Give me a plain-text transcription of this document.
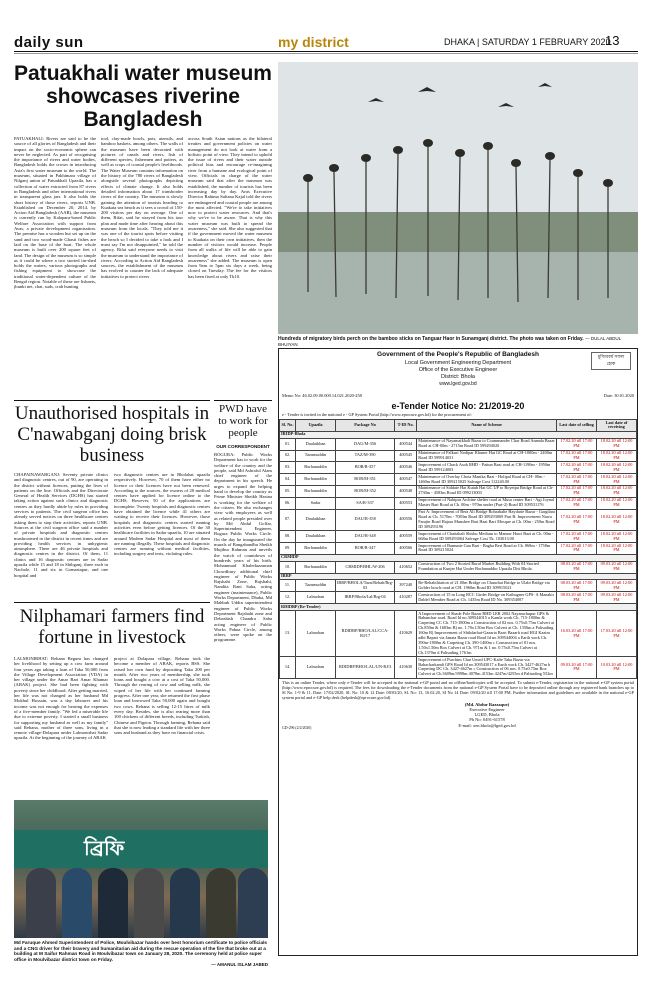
daily sun	my district	DHAKA | SATURDAY 1 FEBRUARY 2020
13
Patuakhali water museum showcases riverine Bangladesh

PATUAKHALI: Rivers are said to be the source of all glories of Bangladesh and their impact on the socio-economic sphere can never be neglected. As part of recognising the importance of rivers and water bodies, Bangladesh holds the crown in introducing Asia's first water museum to the world. The museum, situated in Pakhimara village of Nilganj union of Patuakhali Upazila, has a collection of water extracted from 87 rivers in Bangladesh and other international rivers in transparent glass jars. It also holds the short history of those rivers, reports UNB. Established on December 20, 2014, by Action Aid Bangladesh (AAB), the museum is currently run by Kalapara-based Public Welfare Association with support from Avas, a private development organisation. The premise has a wooden hut set up on the sand and two wood-made Ghasit fishes are laid on the base of the boat. The whole museum is built over 200 square feet of land. The design of the museum is so simple as it could be where a two storied tin-shed holds the waters, various photographs and fishing equipment to showcase the traditional water-dependent culture of the Bengal region. Notable of these are fishnets, jhunki net, chai, suds, crab hunting

tool, clay-made bowls, pots, utensils, and bamboo baskets, among others. The walls of the museum have been decorated with pictures of canals and rivers, fish of different species, fishermen and potters, as well as crops of coastal people's livelihoods. The Water Museum contains information on the history of the 780 rivers of Bangladesh alongside several photographs depicting effects of climate change. It also holds detailed information about 17 transborder rivers of the country. The museum is slowly gaining the attention of tourists heading to Kuakata sea beach as it sees a crowd of 150-200 visitors per day on average. One of them, Rifat, said he strayed from his tour plan and made time after hearing about this museum from the locals. "They told me it was one of the tourist spots before visiting the beach so I decided to take a look and I must say I'm not disappointed," he told the agency. Rifat said everyone needs to visit the museum to understand the importance of rivers. According to Action Aid Bangladesh sources, the establishment of the museum has evolved to counter the lack of adequate initiatives to protect rivers

across South Asian nations as the bilateral treaties and government policies on water management do not look at water from a holistic point of view. They intend to uphold the issue of rivers and their water outside political bias and encourage re-imagining river from a humane and ecological point of view. Officials in charge of the water museum said that after the museum was established, the number of tourists has been increasing day by day. Avas Executive Director Rahima Sultana Kajal told the rivers are endangered and coastal people are among the most affected. "We're to take initiatives now to protect water resources. And that's why we've to be aware. That is why this water museum was built to spread the awareness," she said. She also suggested that if the government moved the water museum to Kuakata on their own initiatives, then the number of visitors would increase. People from all walks of life will be able to gain knowledge about rivers and raise their awareness" she added. The museum is open from 9am to 5pm six days a week, being closed on Tuesday. The fee for the visitors has been fixed at only Tk10.

Hundreds of migratory birds perch on the bamboo sticks on Tanguar Haor in Sunamganj district. The photo was taken on Friday. — DULAL ABDUL BHUIYAN
Unauthorised hospitals in C'nawabganj doing brisk business

CHAPAINAWABGANJ: Seventy private clinics and diagnostic centres, out of 90, are operating in the district without licences, putting the lives of patients on the line. Officials and the Directorate General of Health Services (DGHS) has started taking action against such clinics and diagnostic centres as they hardly abide by rules in providing services to patients. The civil surgeon office has already served notices on three healthcare centres asking them to stop their activities, reports UNB. Sources at the civil surgeon office said a number of private hospitals and diagnostic centres mushroomed in the district in recent times and are providing health services in unhygienic atmosphere. There are 46 private hospitals and diagnostic centres in the district. Of them, 11 clinics and 16 diagnostic centres are in Sadar upazila while 15 and 18 in Shibganj, three each in Nachole, 11 and six in Gomastapur, and one hospital and

two diagnostic centres are in Bholahat upazila respectively. However, 70 of them have either no licence or their licences have not been renewed. According to the sources, the owners of 20 medical centres have applied for licence online to the DGHS. However, 50 of the applications are incomplete. Twenty hospitals and diagnostic centres have obtained the licence while 41 others are waiting to receive their licences. However, those hospitals and diagnostic centres started running activities even before getting licences. Of the 30 healthcare facilities in Sadar upazila, 10 are situated around Modern Sadar Hospital and most of them are running illegally. These hospitals and diagnostic centres are running without medical facilities, including surgery and tests, violating rules.

PWD have to work for people
OUR CORRESPONDENT

BOGURA: Public Works Department has to work for the welfare of the country and the people, said Md Ashraful Alam chief engineer of the department in his speech. He urges to expand the helping hand to develop the country as Prime Minister Sheikh Hasina is working for the welfare of the citizen. He also exchanges view with employees as well as related people presided over by Md Abdul Goffar, Superintendent Engineer, Bogura Public Works Circle. On the day he inaugurated the murals of Bangabandhu Sheikh Mujibur Rahman and unveils the watch of countdown of hundreds years of his birth. Mohammad Khaleduzzaman Chowdhury additional chief engineer of Public Works Rajshahi Zone, Rajshahi, Nandita Rani Saha, acting engineer (maintenance), Public Works Department, Dhaka, Md Mahbub Uddin superintendent engineer of Public Works Department Rajshahi zone and Debashish Chandra Saha acting engineer of Public Works Pabna Circle, among others, were spoke on the programme.

Nilphamari farmers find fortune in livestock

LALMONIRHAT: Rehana Begum has changed her livelihood by setting up a cow farm around four years ago taking a loan of Taka 50,000 from the Village Development Association (VDA) in her village under the Amar Bari Amar Khamar (ABAK) project. She had been fighting with poverty since her childhood. After getting married, her life was not changed as her husband Md Mokhul Hossain, was a day labourer and his income was not enough for bearing the expenses of a five-member family. "We led a miserable life due to extreme poverty. I started a small business for supporting my husband as well as my family" said Rehana, mother of three sons, living in a remote village-Dolapara under Lalmonirhat Sadar upazila. At the beginning of the journey of ABAK

project at Dolapara village, Rehana took the become a member of ABAK, reports BSS. She raised her own fund by depositing Taka 200 per month. After two years of membership, she took loans and bought a cow at a cost of Taka 50,000. Through the rearing of cow and selling milk, she wiped of her life with her continued farming progress. After one year, she returned the first phase loan and borrowed Taka 50,000 again and bought two cows. Rehana is selling 12-15 litres of milk every day. Besides, she is also rearing more than 100 chickens of different breeds, including Turkish, Chinese and Pigeon. Through farming, Rehana said that she is now leading a standard life with her three sons and husband as they have no financial crisis.

ব্রিফি
Md Faruque Ahmed Superintendent of Police, Moulvibazar hands over best honorium certificate to police officials and a CNG driver for their bravery and humanitarian aid during the rescue operation of the fire that broke out at a building at M Saifur Rahman Road in Moulvibazar town on January 28, 2020. The ceremony held at police super office in Moulvibazar district town on Friday.
— AMANUL ISLAM JABED
Government of the People's Republic of Bangladesh
Local Government Engineering Department
Office of the Executive Engineer
District: Bhola
www.lged.gov.bd
মুজিববর্ষ সফল হোক
Memo No: 46.02.09.00.000.14.021.2020-258	Date: 30.01.2020
e-Tender Notice No: 21/2019-20
e - Tender is invited in the national e - GP System Portal (http://www.eprocure.gov.bd) for the procurement of:
Sl. No.	Upazila	Package No	T-ID No.	Name of Scheme	Last date of selling	Last date of receiving
IRIDP-Bhola						
01.	Daulatkhan	DAU/M-356	400544	Maintenance of Nayamatkhali Bazar to Coammander Char Road Ananda Bazar Road at CH-00m - 2715m Road ID 599294020	17.02.20 till 17:00 PM	18.02.20 till 12:00 PM
02.	Tazumuddin	TAZ/M-390	400545	Maintenance of Falkuri Nodipar Khuner Hat GC Road at CH-1000m - 2400m Road ID 599914031	17.02.20 till 17:00 PM	18.02.20 till 12:00 PM
03.	Borhanuddin	BOR/R-357	400546	Improvement of Chack Asok RHD - Paitun Bazi road at CH-1190m - 1950m Road ID 599124003	17.02.20 till 17:00 PM	18.02.20 till 12:00 PM
04.	Borhanuddin	BOR/M-351	400547	Maintenance of Overlay Chota Manika Bazi - Holipal Road at CH- 00m - 1460m Road ID 309215025 Salvage Cost 112240.00	17.02.20 till 17:00 PM	18.02.20 till 12:00 PM
05.	Borhanuddin	BOR/M-352	400548	Maintenance of Siddate Hat Kutub Hat GC UP to Boyeipu Bridge Road at Ch- 2730m - 4583m Road ID 099213003	17.02.20 till 17:00 PM	18.02.20 till 12:00 PM
06.	Sadar	SA/R-337	400553	Improvement of Nabipur Archine shelter road at Musa center Bari - Agi Joynal Master Bari Road at Ch. 00m - 970m under (Part-2) Road ID 309531176	17.02.20 till 17:00 PM	18.02.20 till 12:00 PM
07.	Daulatkhan	DAU/R-358	400556	Part A: Improvement of Bera Ali Bridge Bohrabalie Haydarie Bazar - Gargilara Road at Ch. 5170m - 7083m Road ID 309293069 Part B: Improvement Nawa Farajin Road Hajara Munshee Bari Haat Bari Mosque at Ch. 00m - 250m Road ID 309293196	17.02.20 till 17:00 PM	18.02.20 till 12:00 PM
08.	Daulatkhan	DAU/R-348	400559	Improvement of Chaitabali Shishu Medium to Mansur Hawi Bazi at Ch. 00m - 668m Road ID 509293004 Salvage Cost Tk. 103013.00	17.02.20 till 17:00 PM	18.02.20 till 12:00 PM
09.	Borhanuddin	BOR/R-347	400566	Improvement of Bamunie Gau Bari - Bagha Beri Road at Ch. 868m - 1758m Road ID 309215024	17.02.20 till 17:00 PM	18.02.20 till 12:00 PM
CRMIDP						
10.	Borhanuddin	CRMIDP/BHL/W-206	410652	Construction of Two 2 Storied Rural Market Building With 04 Storied Foundation at Kunjer Hat Under Borhanuddin Upazila Dist Bhola.	08.03.20 till 17:00 PM	09.03.20 till 12:00 PM
IRRP						
11.	Tazumuddin	IRRP/BHOLA/Tazu/Rehab/Brg-03	397240	Re-Rehabilitation of 21.00m Bridge on Chanchat Bridge to Ulabi Bridge via Golder bowls road at CH. 1960m Road ID 309915021	08.03.20 till 17:00 PM	09.03.20 till 12:00 PM
12.	Lalmohan	IRRP/Bhola/Lal/Brg-04	410287	Construction of 15 m Long RCC Girder Bridge on Kathugner GPS- A Manakir Daldel Member Road at Ch. 1435m Road ID No. 309354087	08.03.20 till 17:00 PM	09.03.20 till 12:00 PM
RDIDBP (Re-Tender)						
13.	Lalmohan	RDIDBP/BHO/LAL/CCA-RJ/17	410629	A Improvement of Shade Pole Bazar RHD LER 2002 Nayamchupur GPS & Bahanchar road. Road Id no.309544015 a Kamla work Ch. 715-1800m & Carpeting CC Ch. 715-1800m a Construction of 02 nos. 0.75x0.75m Culvert at Ch.850m & 1683m B) no. 1.70x1.50m Box Culvert at Ch. 1356m a Palisading 160m R) Improvement of Shikdarhat-Gazaria Barri Bazarh road HGI Kazim adhi Bapari via Janata Bazar road Road Id no.309544004 a Earth work Ch. 390m-1800m & Carpeting Ch. 390-1400m c Construction of 01 nos. 1.50x1.50m Box Culvert at Ch. 971m & 1 no. 0.75x0.75m Culvert at Ch.1370m d Palisading 1761m	16.03.20 till 17:00 PM	17.03.20 till 12:00 PM
14.	Lalmohan	RDIDBP/BHO/LAL/UN-RJ/3	410630	Improvement of Purchim Char Umed UPC-Kalie Taka Bazar via Bahacharkandi GPS Road Id no.309543017 a Earth work Ch. 3427-4627m b Carpeting DC Ch. 3427-4627m c Construction of 06 nos. 0.75x0.75m Box Culvert at Ch.3609m/3998m 4078m 4153m 4247m/4255m d Palisading 552m	09.03.20 till 17:00 PM	10.03.20 till 12:00 PM
This is an online Tender, where only e-Tender will be accepted in the national e-GP portal and no offline/hardcopies will be accepted. To submit e-Tender, registration in the national e-GP system portal (http://www.eprocure.gov.bd) is required. The fees for downloading the e-Tender documents from the national e-GP System Portal have to be deposited online through any registered bank branches up to Sl No: 1-9 & 11, Date: 17/02/2020, SL No: 10 & 12 Date: 08/03/20, SL No: 13, 16.02.20, SI No 14 Date: 09/02/20 till 17:00 PM. Further information and guidelines are available in the national e-GP system portal and e-GP help desk (helpdesk@eprocure.gov.bd)
GD-296 (2/2/2020)
(Md. Abdur Razzaque)
Executive Engineer
LGED, Bhola
Ph No: 0491-61578
E-mail: xen.bhola@lged.gov.bd
